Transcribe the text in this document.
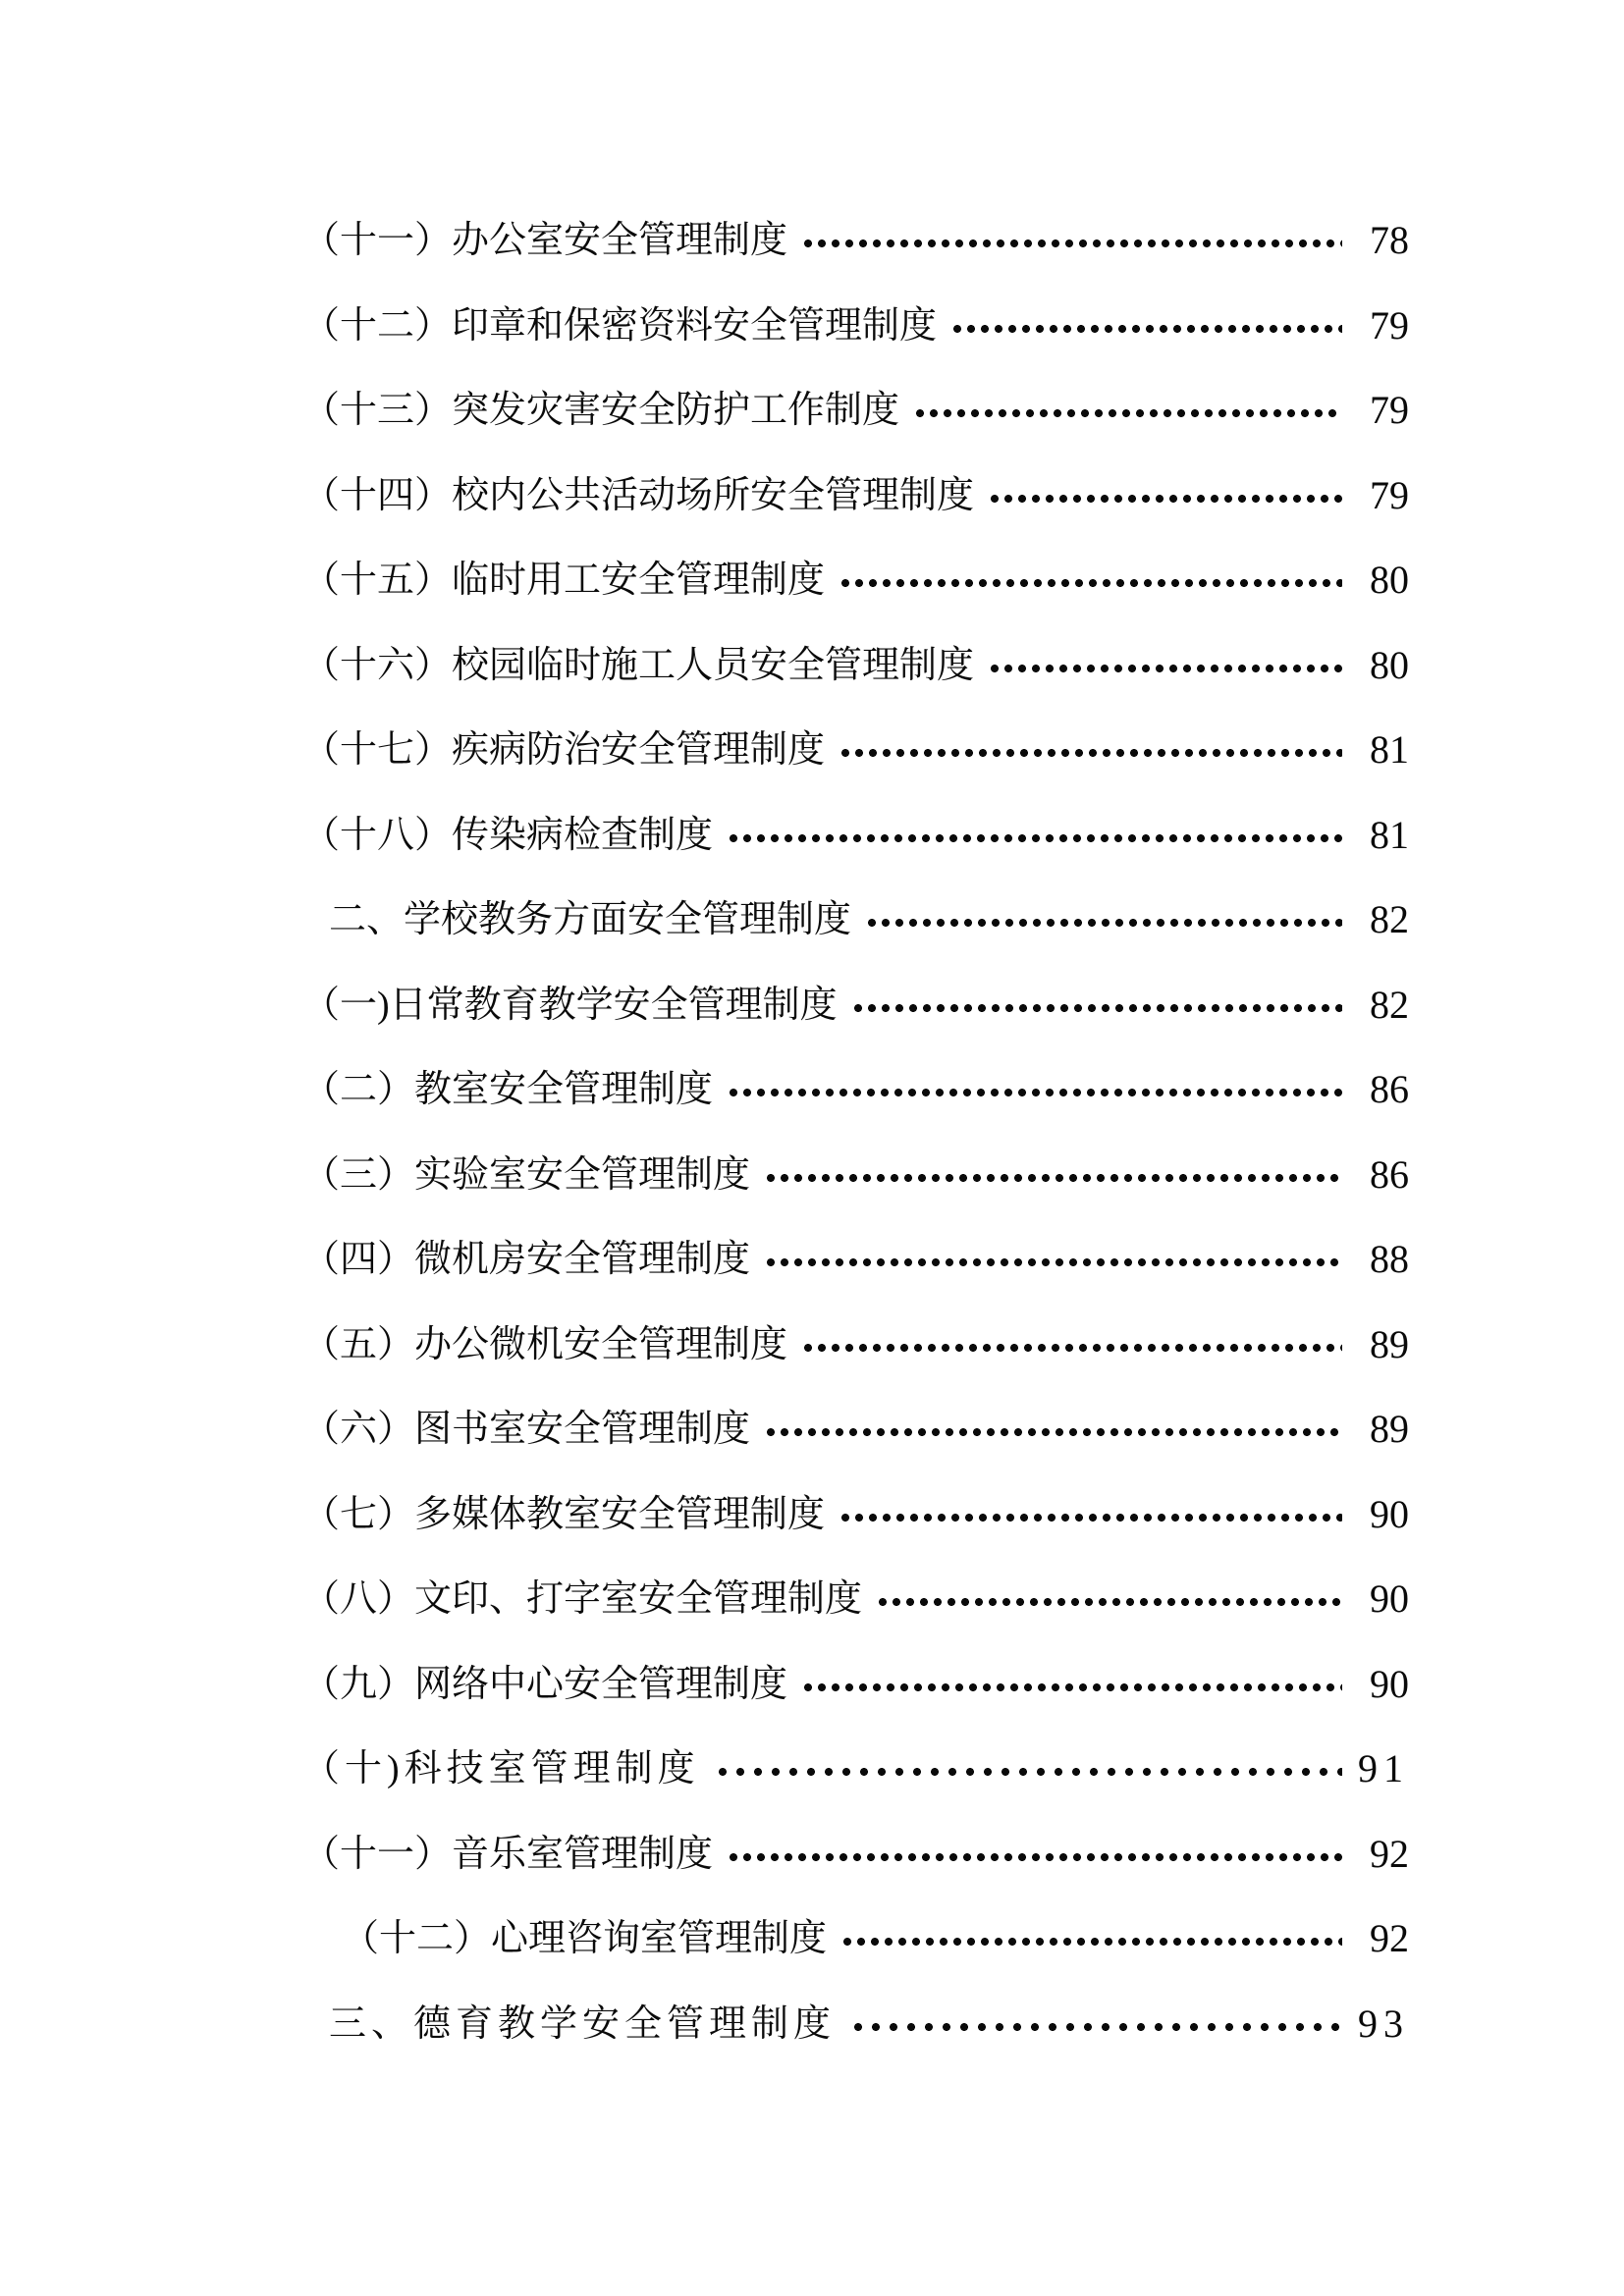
（十一）办公室安全管理制度	78
（十二）印章和保密资料安全管理制度	79
（十三）突发灾害安全防护工作制度	79
（十四）校内公共活动场所安全管理制度	79
（十五）临时用工安全管理制度	80
（十六）校园临时施工人员安全管理制度	80
（十七）疾病防治安全管理制度	81
（十八）传染病检查制度	81
二、学校教务方面安全管理制度	82
（一)日常教育教学安全管理制度	82
（二）教室安全管理制度	86
（三）实验室安全管理制度	86
（四）微机房安全管理制度	88
（五）办公微机安全管理制度	89
（六）图书室安全管理制度	89
（七）多媒体教室安全管理制度	90
（八）文印、打字室安全管理制度	90
（九）网络中心安全管理制度	90
（十)科技室管理制度	91
（十一）音乐室管理制度	92
（十二）心理咨询室管理制度	92
三、德育教学安全管理制度	93
